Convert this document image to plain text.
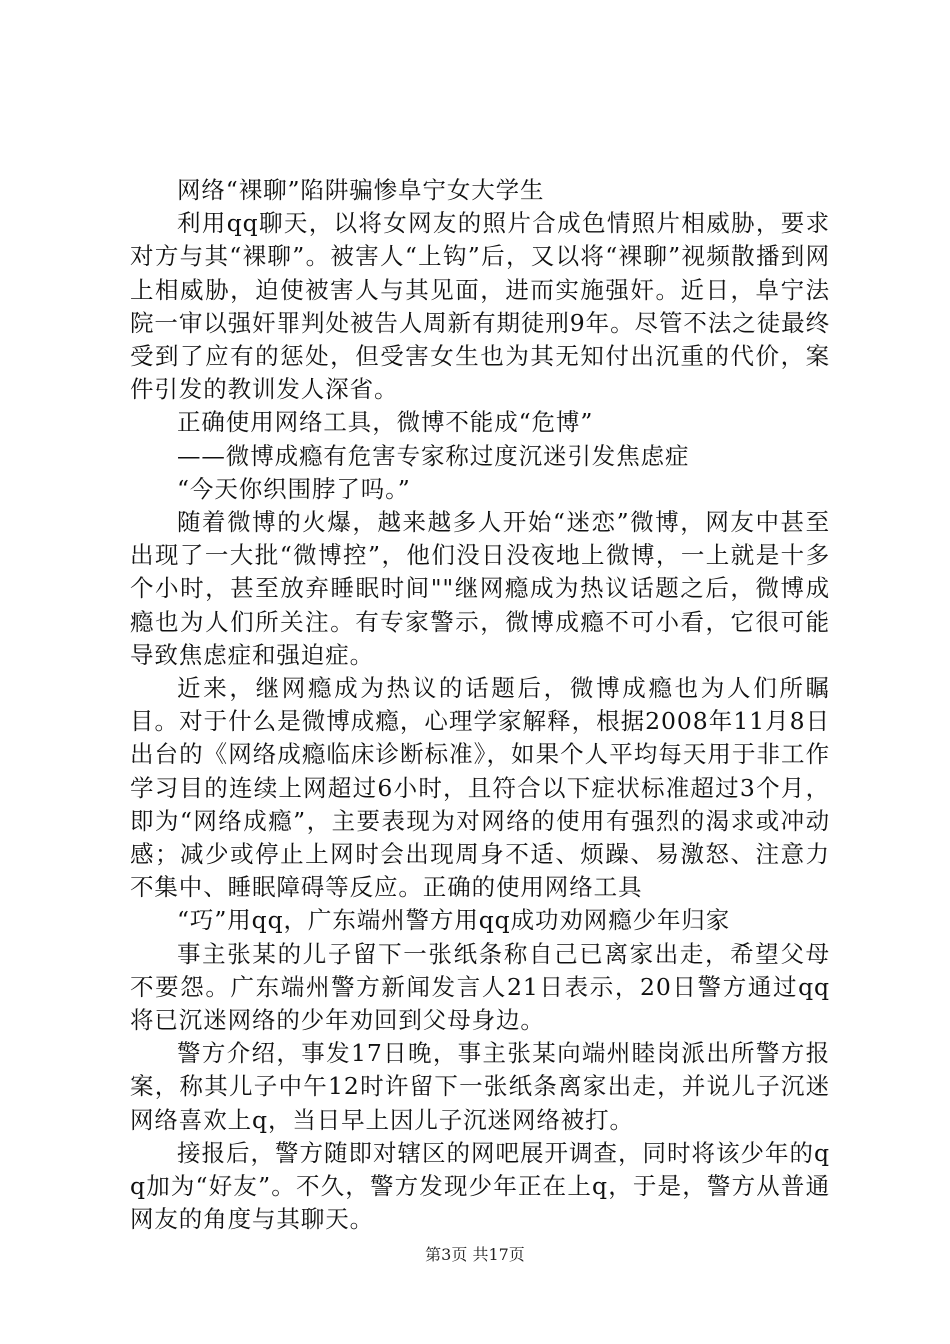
网络“裸聊”陷阱骗惨阜宁女大学生

利用qq聊天，以将女网友的照片合成色情照片相威胁，要求对方与其“裸聊”。被害人“上钩”后，又以将“裸聊”视频散播到网上相威胁，迫使被害人与其见面，进而实施强奸。近日，阜宁法院一审以强奸罪判处被告人周新有期徒刑9年。尽管不法之徒最终受到了应有的惩处，但受害女生也为其无知付出沉重的代价，案件引发的教训发人深省。

正确使用网络工具，微博不能成“危博”

——微博成瘾有危害专家称过度沉迷引发焦虑症

“今天你织围脖了吗。”

随着微博的火爆，越来越多人开始“迷恋”微博，网友中甚至出现了一大批“微博控”，他们没日没夜地上微博，一上就是十多个小时，甚至放弃睡眠时间""继网瘾成为热议话题之后，微博成瘾也为人们所关注。有专家警示，微博成瘾不可小看，它很可能导致焦虑症和强迫症。

近来，继网瘾成为热议的话题后，微博成瘾也为人们所瞩目。对于什么是微博成瘾，心理学家解释，根据2008年11月8日出台的《网络成瘾临床诊断标准》，如果个人平均每天用于非工作学习目的连续上网超过6小时，且符合以下症状标准超过3个月，即为“网络成瘾”，主要表现为对网络的使用有强烈的渴求或冲动感；减少或停止上网时会出现周身不适、烦躁、易激怒、注意力不集中、睡眠障碍等反应。正确的使用网络工具

“巧”用qq，广东端州警方用qq成功劝网瘾少年归家

事主张某的儿子留下一张纸条称自己已离家出走，希望父母不要怨。广东端州警方新闻发言人21日表示，20日警方通过qq将已沉迷网络的少年劝回到父母身边。

警方介绍，事发17日晚，事主张某向端州睦岗派出所警方报案，称其儿子中午12时许留下一张纸条离家出走，并说儿子沉迷网络喜欢上q，当日早上因儿子沉迷网络被打。

接报后，警方随即对辖区的网吧展开调查，同时将该少年的qq加为“好友”。不久，警方发现少年正在上q，于是，警方从普通网友的角度与其聊天。

第3页 共17页
